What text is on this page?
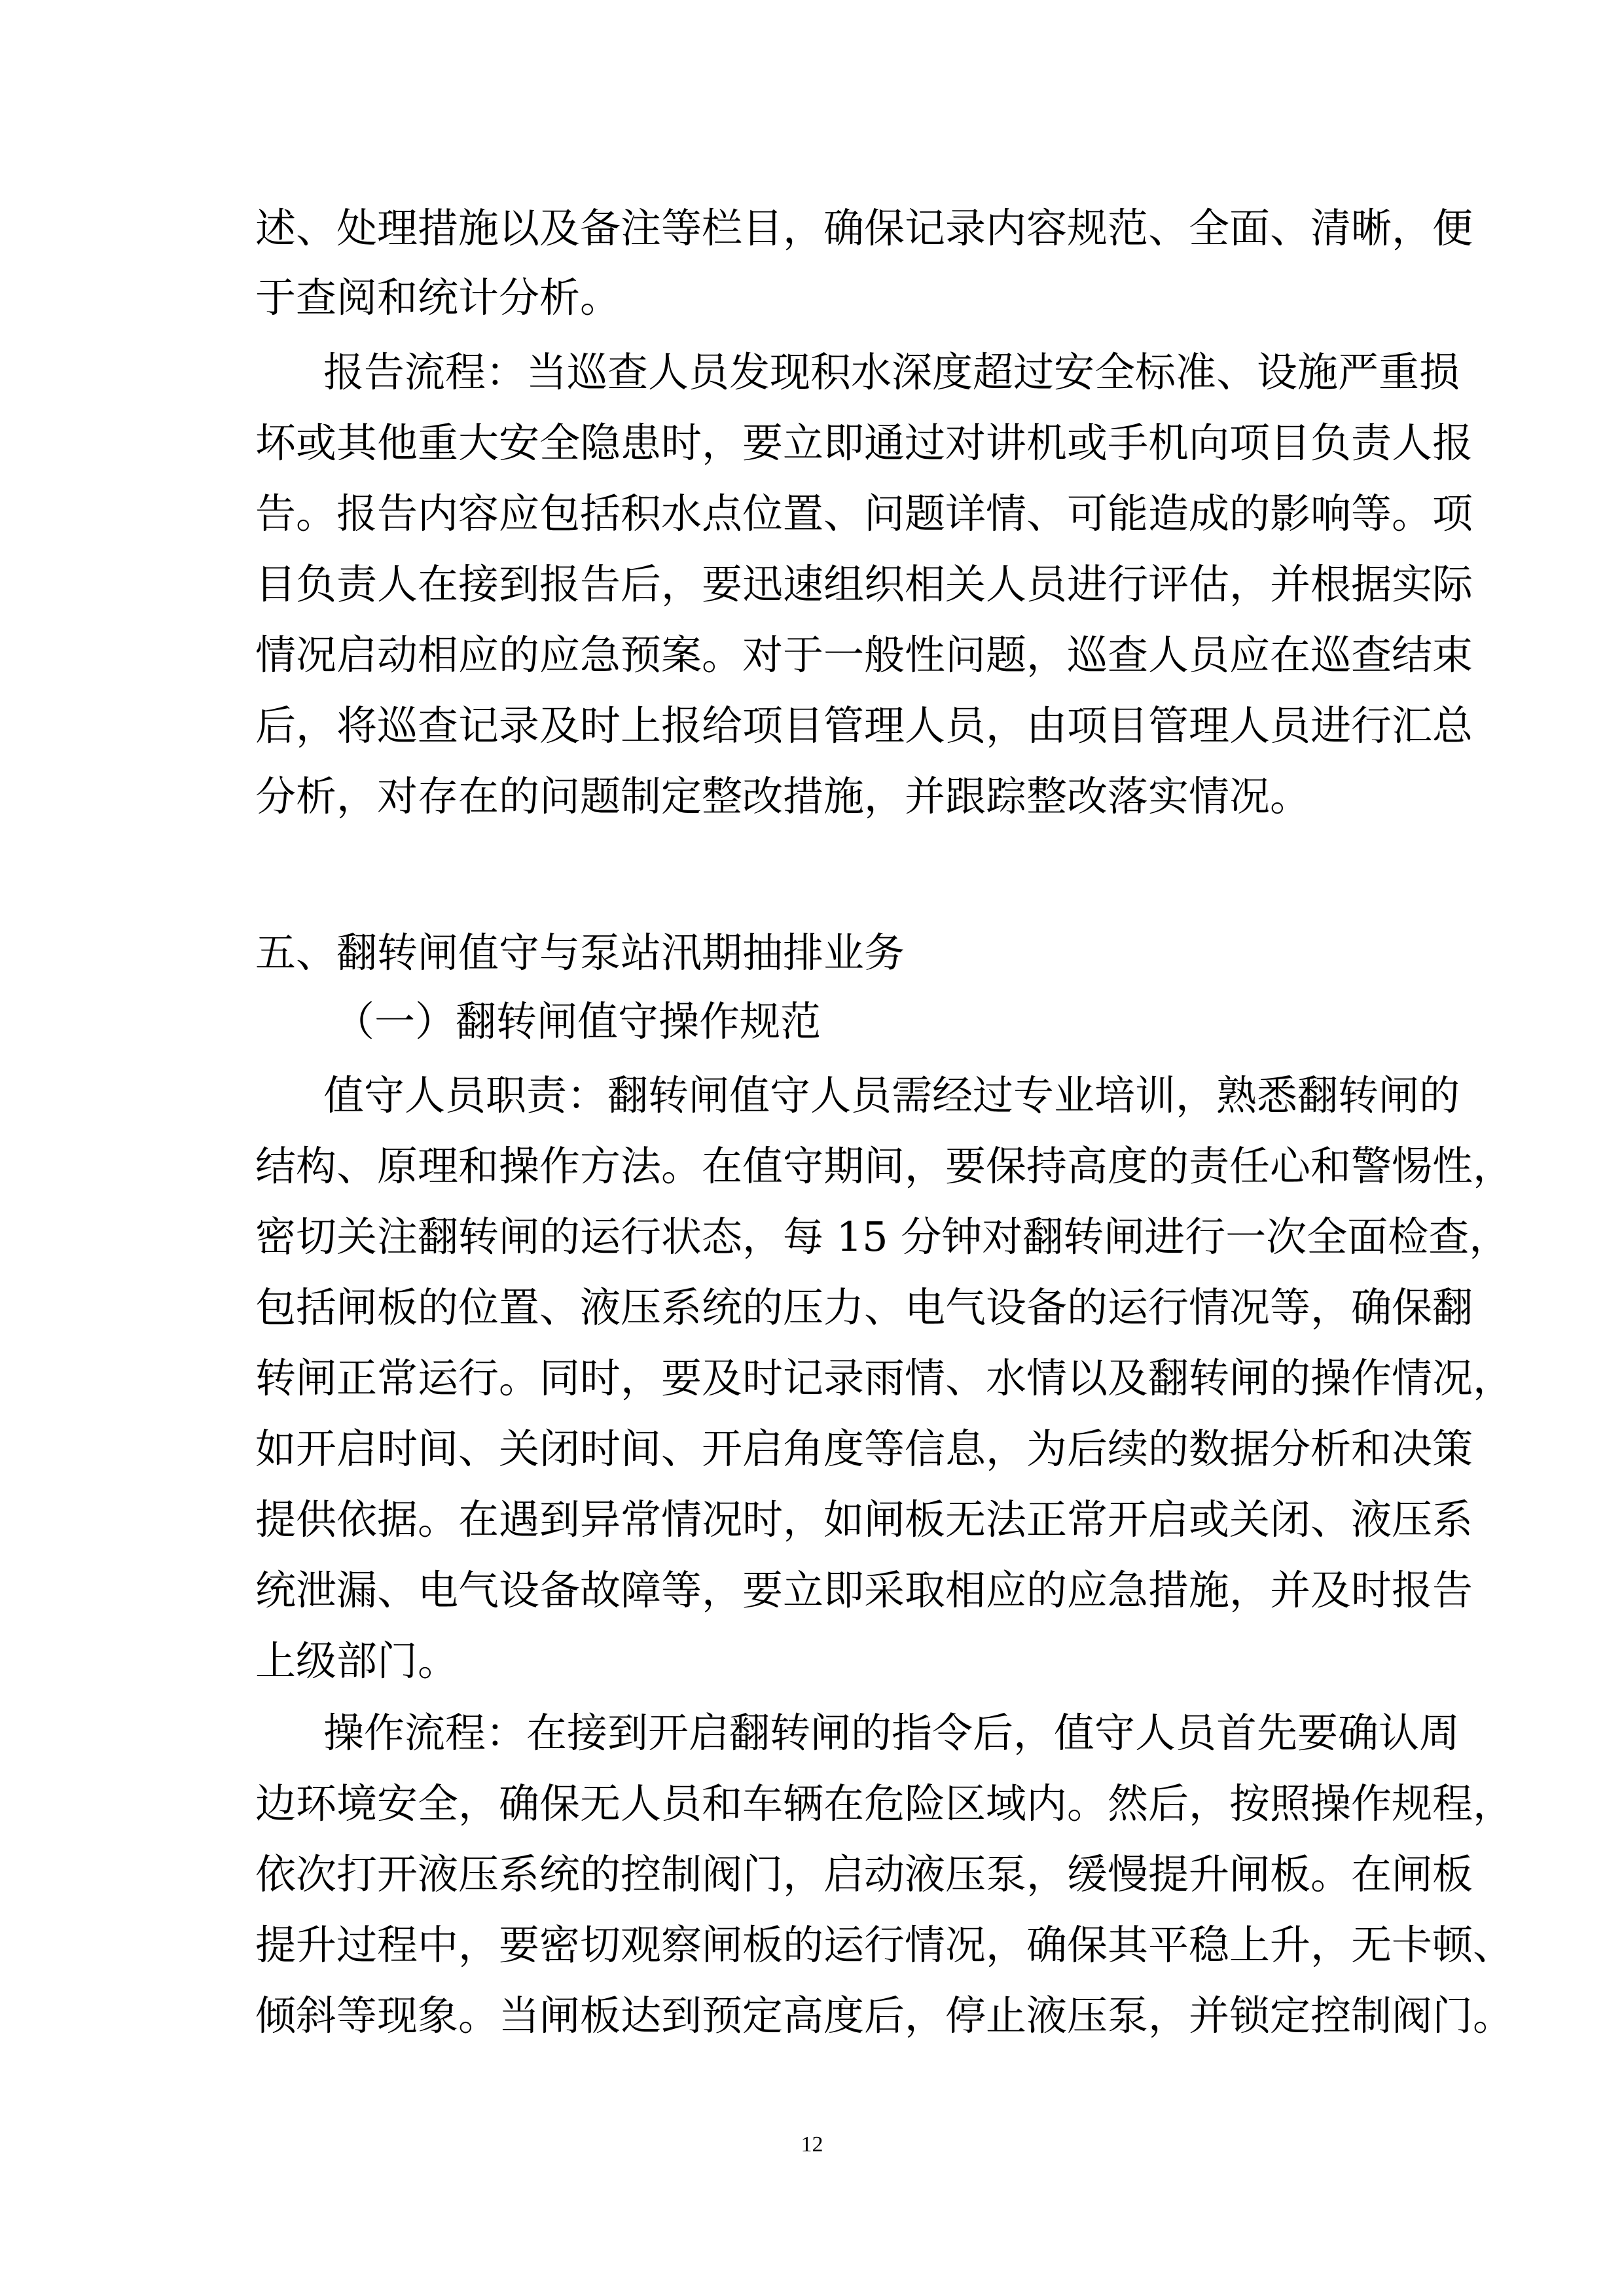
述、处理措施以及备注等栏目，确保记录内容规范、全面、清晰，便
于查阅和统计分析。
报告流程：当巡查人员发现积水深度超过安全标准、设施严重损
坏或其他重大安全隐患时，要立即通过对讲机或手机向项目负责人报
告。报告内容应包括积水点位置、问题详情、可能造成的影响等。项
目负责人在接到报告后，要迅速组织相关人员进行评估，并根据实际
情况启动相应的应急预案。对于一般性问题，巡查人员应在巡查结束
后，将巡查记录及时上报给项目管理人员，由项目管理人员进行汇总
分析，对存在的问题制定整改措施，并跟踪整改落实情况。
五、翻转闸值守与泵站汛期抽排业务
（一）翻转闸值守操作规范
值守人员职责：翻转闸值守人员需经过专业培训，熟悉翻转闸的
结构、原理和操作方法。在值守期间，要保持高度的责任心和警惕性，
密切关注翻转闸的运行状态，每 15 分钟对翻转闸进行一次全面检查，
包括闸板的位置、液压系统的压力、电气设备的运行情况等，确保翻
转闸正常运行。同时，要及时记录雨情、水情以及翻转闸的操作情况，
如开启时间、关闭时间、开启角度等信息，为后续的数据分析和决策
提供依据。在遇到异常情况时，如闸板无法正常开启或关闭、液压系
统泄漏、电气设备故障等，要立即采取相应的应急措施，并及时报告
上级部门。
操作流程：在接到开启翻转闸的指令后，值守人员首先要确认周
边环境安全，确保无人员和车辆在危险区域内。然后，按照操作规程，
依次打开液压系统的控制阀门，启动液压泵，缓慢提升闸板。在闸板
提升过程中，要密切观察闸板的运行情况，确保其平稳上升，无卡顿、
倾斜等现象。当闸板达到预定高度后，停止液压泵，并锁定控制阀门。
12
